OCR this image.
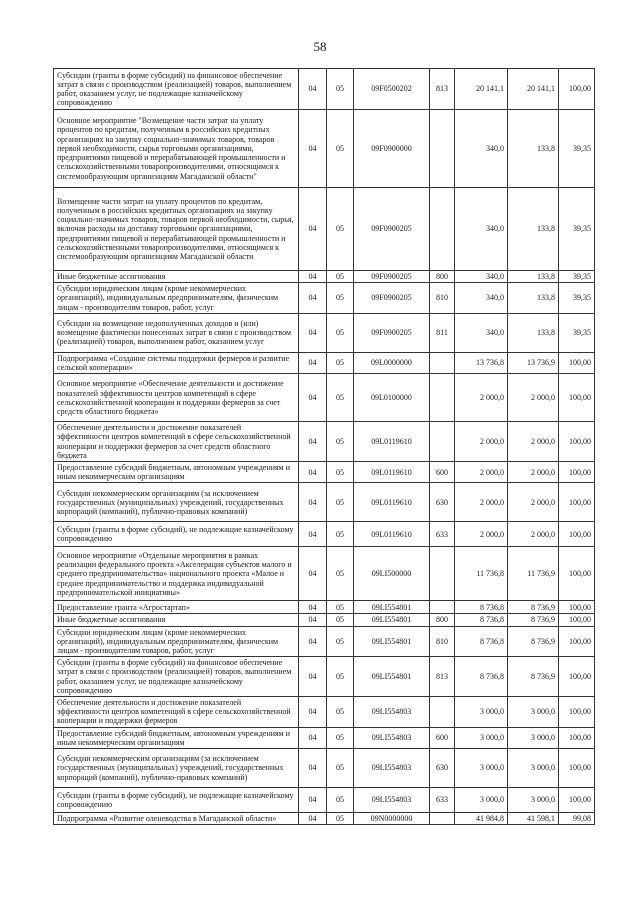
58
Субсидии (гранты в форме субсидий) на финансовое обеспечение затрат в связи с производством (реализацией) товаров, выполнением работ, оказанием услуг, не подлежащие казначейскому сопровождению	04	05	09F0500202	813	20 141,1	20 141,1	100,00
Основное мероприятие "Возмещение части затрат на уплату процентов по кредитам, полученным в российских кредитных организациях на закупку социально-значимых товаров, товаров первой необходимости, сырья торговыми организациями, предприятиями пищевой и перерабатывающей промышленности и сельскохозяйственными товаропроизводителями, относящимся к системообразующим организациям Магаданской области"	04	05	09F0900000		340,0	133,8	39,35
Возмещение части затрат на уплату процентов по кредитам, полученным в российских кредитных организациях на закупку социально-значимых товаров, товаров первой необходимости, сырья, включая расходы на доставку торговыми организациями, предприятиями пищевой и перерабатывающей промышленности и сельскохозяйственными товаропроизводителями, относящимся к системообразующим организациям Магаданской области	04	05	09F0900205		340,0	133,8	39,35
Иные бюджетные ассигнования	04	05	09F0900205	800	340,0	133,8	39,35
Субсидии юридическим лицам (кроме некоммерческих организаций), индивидуальным предпринимателям, физическим лицам - производителям товаров, работ, услуг	04	05	09F0900205	810	340,0	133,8	39,35
Субсидии на возмещение недополученных доходов и (или) возмещение фактически понесенных затрат в связи с производством (реализацией) товаров, выполнением работ, оказанием услуг	04	05	09F0900205	811	340,0	133,8	39,35
Подпрограмма «Создание системы поддержки фермеров и развитие сельской кооперации»	04	05	09L0000000		13 736,8	13 736,9	100,00
Основное мероприятие «Обеспечение деятельности и достижение показателей эффективности центров компетенций в сфере сельскохозяйственной кооперации и поддержки фермеров за счет средств областного бюджета»	04	05	09L0100000		2 000,0	2 000,0	100,00
Обеспечение деятельности и достижение показателей эффективности центров компетенций в сфере сельскохозяйственной кооперации и поддержки фермеров за счет средств областного бюджета	04	05	09L0119610		2 000,0	2 000,0	100,00
Предоставление субсидий бюджетным, автономным учреждениям и иным некоммерческим организациям	04	05	09L0119610	600	2 000,0	2 000,0	100,00
Субсидии некоммерческим организациям (за исключением государственных (муниципальных) учреждений, государственных корпораций (компаний), публично-правовых компаний)	04	05	09L0119610	630	2 000,0	2 000,0	100,00
Субсидии (гранты в форме субсидий), не подлежащие казначейскому сопровождению	04	05	09L0119610	633	2 000,0	2 000,0	100,00
Основное мероприятие «Отдельные мероприятия в рамках реализации федерального проекта «Акселерация субъектов малого и среднего предпринимательства» национального проекта «Малое и среднее предпринимательство и поддержка индивидуальной предпринимательской инициативы»	04	05	09LI500000		11 736,8	11 736,9	100,00
Предоставление гранта «Агростартап»	04	05	09LI554801		8 736,8	8 736,9	100,00
Иные бюджетные ассигнования	04	05	09LI554801	800	8 736,8	8 736,9	100,00
Субсидии юридическим лицам (кроме некоммерческих организаций), индивидуальным предпринимателям, физическим лицам - производителям товаров, работ, услуг	04	05	09LI554801	810	8 736,8	8 736,9	100,00
Субсидии (гранты в форме субсидий) на финансовое обеспечение затрат в связи с производством (реализацией) товаров, выполнением работ, оказанием услуг, не подлежащие казначейскому сопровождению	04	05	09LI554801	813	8 736,8	8 736,9	100,00
Обеспечение деятельности и достижение показателей эффективности центров компетенций в сфере сельскохозяйственной кооперации и поддержки фермеров	04	05	09LI554803		3 000,0	3 000,0	100,00
Предоставление субсидий бюджетным, автономным учреждениям и иным некоммерческим организациям	04	05	09LI554803	600	3 000,0	3 000,0	100,00
Субсидии некоммерческим организациям (за исключением государственных (муниципальных) учреждений, государственных корпораций (компаний), публично-правовых компаний)	04	05	09LI554803	630	3 000,0	3 000,0	100,00
Субсидии (гранты в форме субсидий), не подлежащие казначейскому сопровождению	04	05	09LI554803	633	3 000,0	3 000,0	100,00
Подпрограмма «Развитие оленеводства в Магаданской области»	04	05	09N0000000		41 984,8	41 598,1	99,08
